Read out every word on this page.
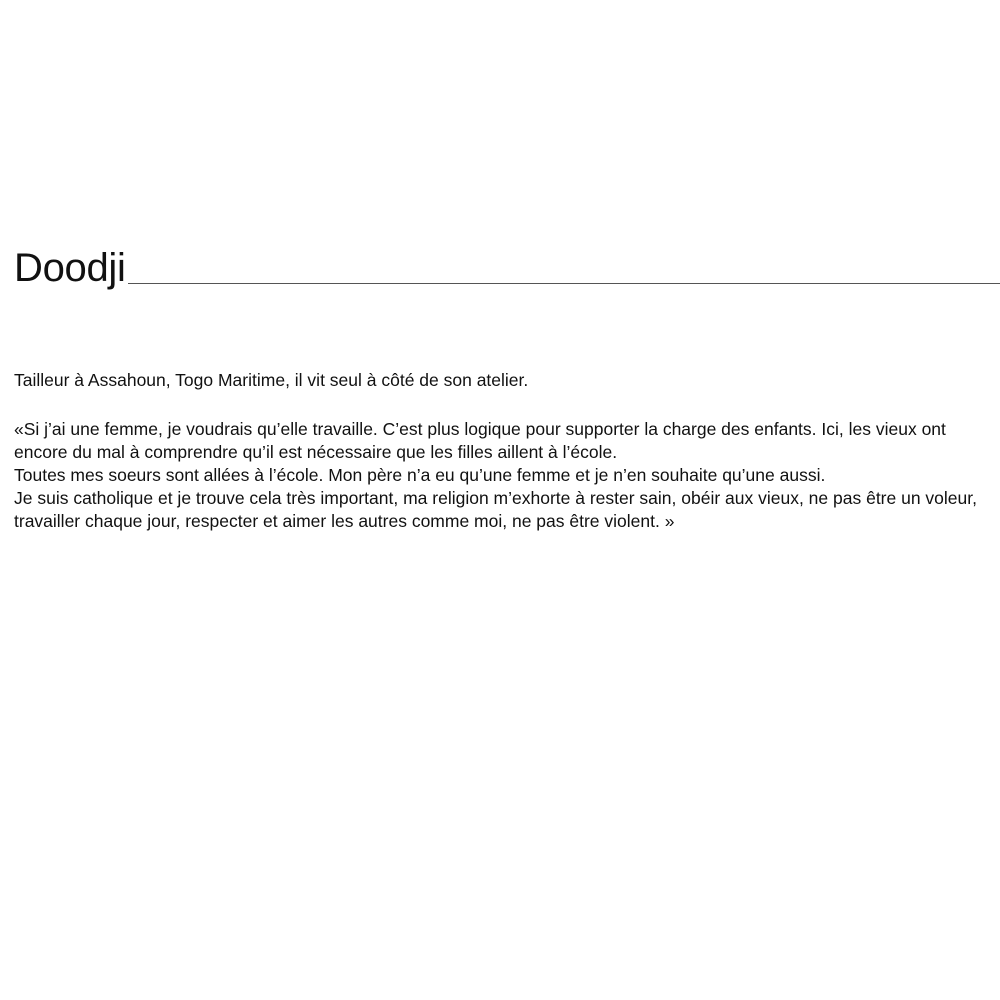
Doodji

Tailleur à Assahoun, Togo Maritime, il vit seul à côté de son atelier.

«Si j’ai une femme, je voudrais qu’elle travaille. C’est plus logique pour supporter la charge des enfants. Ici, les vieux ont encore du mal à comprendre qu’il est nécessaire que les filles aillent à l’école.
Toutes mes soeurs sont allées à l’école. Mon père n’a eu qu’une femme et je n’en souhaite qu’une aussi.
Je suis catholique et je trouve cela très important, ma religion m’exhorte à rester sain, obéir aux vieux, ne pas être un voleur, travailler chaque jour, respecter et aimer les autres comme moi, ne pas être violent. »
